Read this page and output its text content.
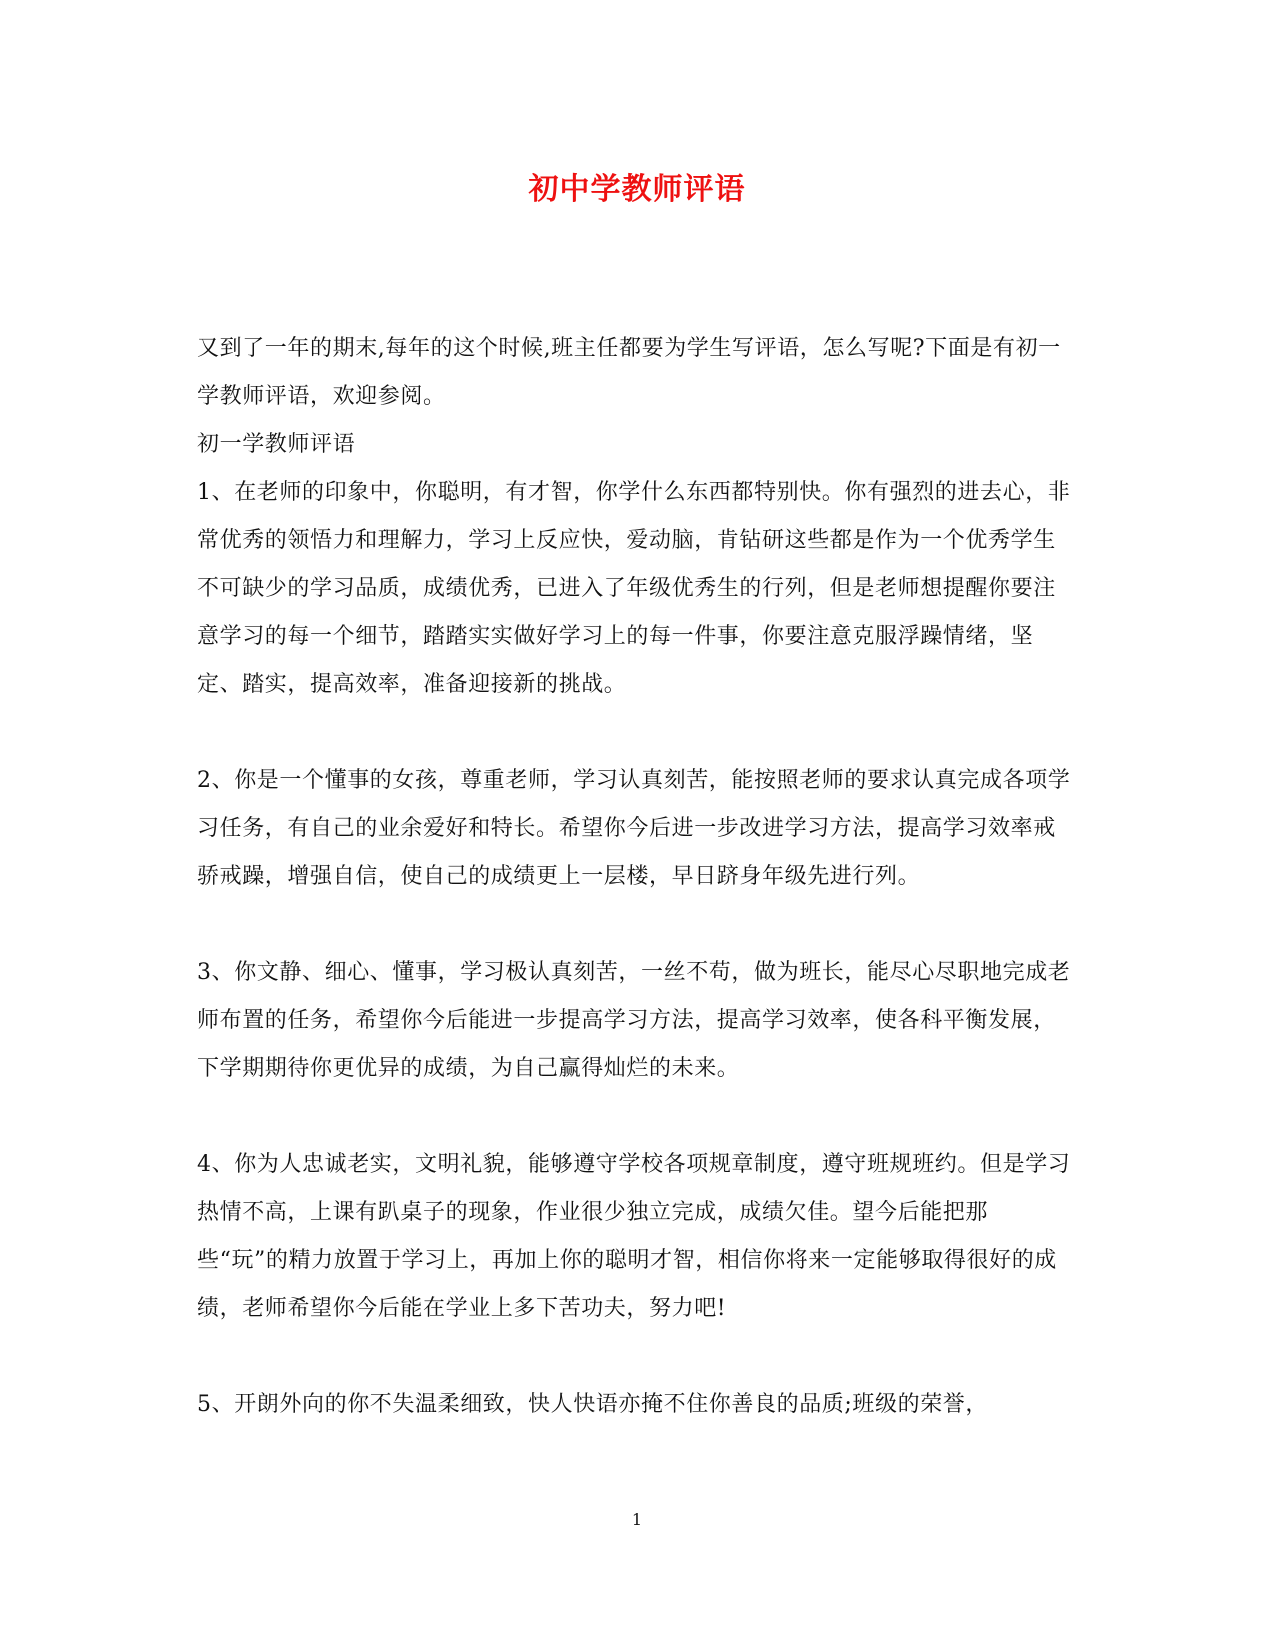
初中学教师评语

又到了一年的期末,每年的这个时候,班主任都要为学生写评语，怎么写呢?下面是有初一学教师评语，欢迎参阅。

初一学教师评语

1、在老师的印象中，你聪明，有才智，你学什么东西都特别快。你有强烈的进去心，非常优秀的领悟力和理解力，学习上反应快，爱动脑，肯钻研这些都是作为一个优秀学生不可缺少的学习品质，成绩优秀，已进入了年级优秀生的行列，但是老师想提醒你要注意学习的每一个细节，踏踏实实做好学习上的每一件事，你要注意克服浮躁情绪，坚定、踏实，提高效率，准备迎接新的挑战。

2、你是一个懂事的女孩，尊重老师，学习认真刻苦，能按照老师的要求认真完成各项学习任务，有自己的业余爱好和特长。希望你今后进一步改进学习方法，提高学习效率戒骄戒躁，增强自信，使自己的成绩更上一层楼，早日跻身年级先进行列。

3、你文静、细心、懂事，学习极认真刻苦，一丝不苟，做为班长，能尽心尽职地完成老师布置的任务，希望你今后能进一步提高学习方法，提高学习效率，使各科平衡发展，下学期期待你更优异的成绩，为自己赢得灿烂的未来。

4、你为人忠诚老实，文明礼貌，能够遵守学校各项规章制度，遵守班规班约。但是学习热情不高，上课有趴桌子的现象，作业很少独立完成，成绩欠佳。望今后能把那些“玩”的精力放置于学习上，再加上你的聪明才智，相信你将来一定能够取得很好的成绩，老师希望你今后能在学业上多下苦功夫，努力吧!

5、开朗外向的你不失温柔细致，快人快语亦掩不住你善良的品质;班级的荣誉，

1
